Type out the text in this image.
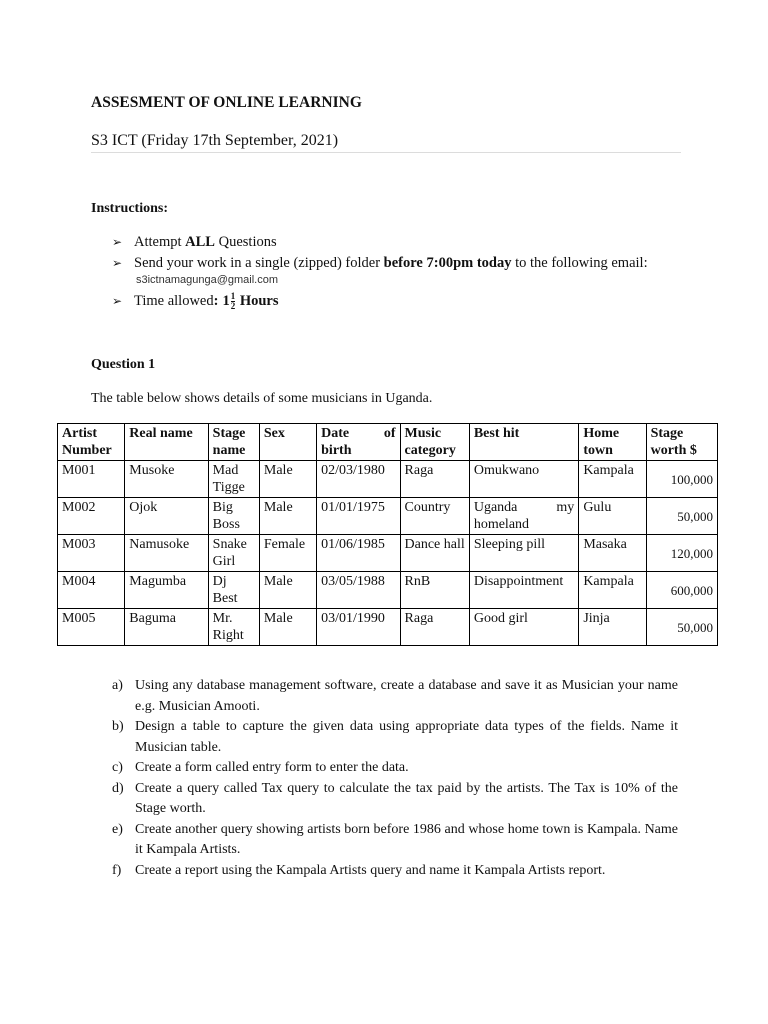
ASSESMENT OF ONLINE LEARNING
S3 ICT (Friday 17th September, 2021)
Instructions:
➢ Attempt ALL Questions
➢ Send your work in a single (zipped) folder before 7:00pm today to the following email:
➢ Time allowed: $1 \frac{1}{2}$ Hours
s3ictnamagunga@gmail.com
Question 1
The table below shows details of some musicians in Uganda.
Artist Number	Real name	Stage name	Sex	Date of birth	Music category	Best hit	Home town	Stage worth $
M001	Musoke	Mad Tigge	Male	02/03/1980	Raga	Omukwano	Kampala	100,000
M002	Ojok	Big Boss	Male	01/01/1975	Country	Uganda my homeland	Gulu	50,000
M003	Namusoke	Snake Girl	Female	01/06/1985	Dance hall	Sleeping pill	Masaka	120,000
M004	Magumba	Dj Best	Male	03/05/1988	RnB	Disappointment	Kampala	600,000
M005	Baguma	Mr. Right	Male	03/01/1990	Raga	Good girl	Jinja	50,000
a) Using any database management software, create a database and save it as Musician your name e.g. Musician Amooti.
b) Design a table to capture the given data using appropriate data types of the fields. Name it Musician table.
c) Create a form called entry form to enter the data.
d) Create a query called Tax query to calculate the tax paid by the artists. The Tax is 10% of the Stage worth.
e) Create another query showing artists born before 1986 and whose home town is Kampala. Name it Kampala Artists.
f) Create a report using the Kampala Artists query and name it Kampala Artists report.
